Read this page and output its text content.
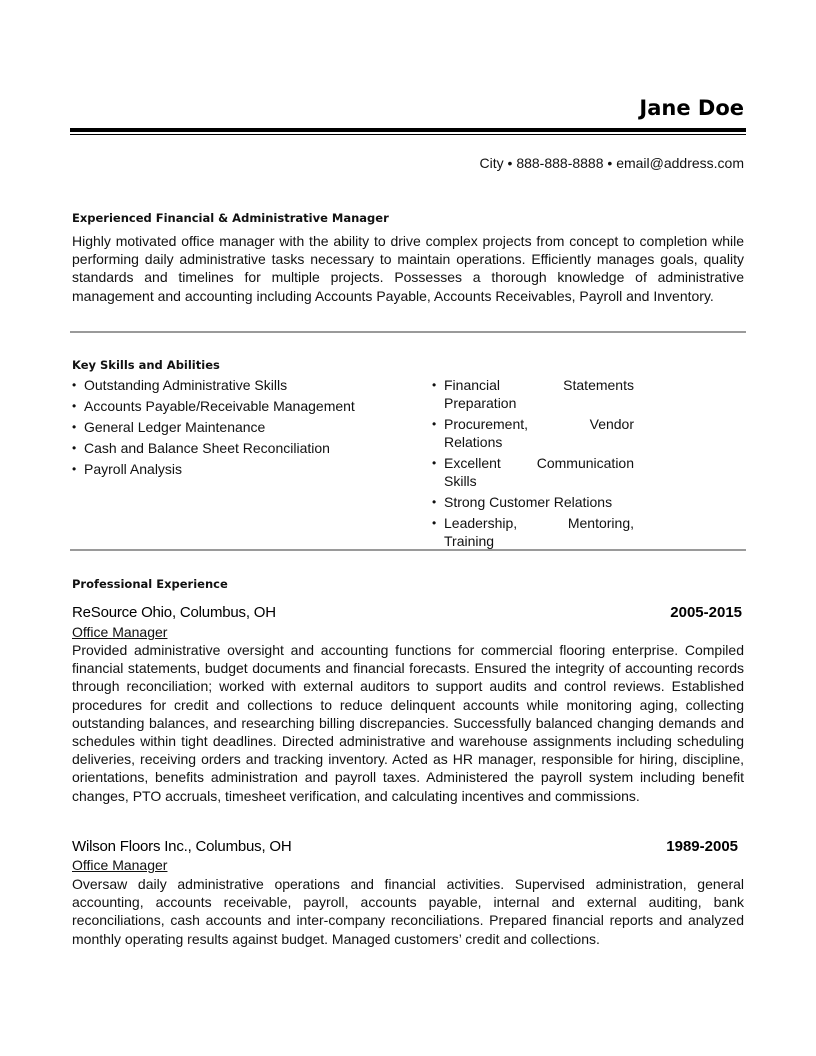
Jane Doe
City • 888-888-8888 • email@address.com
Experienced Financial & Administrative Manager

Highly motivated office manager with the ability to drive complex projects from concept to completion while performing daily administrative tasks necessary to maintain operations. Efficiently manages goals, quality standards and timelines for multiple projects. Possesses a thorough knowledge of administrative management and accounting including Accounts Payable, Accounts Receivables, Payroll and Inventory.

Key Skills and Abilities
• Outstanding Administrative Skills
• Accounts Payable/Receivable Management
• General Ledger Maintenance
• Cash and Balance Sheet Reconciliation
• Payroll Analysis
• Financial	Statements
Preparation
• Procurement,	Vendor
Relations
• Excellent	Communication
Skills
• Strong Customer Relations
• Leadership,	Mentoring,
Training
Professional Experience
ReSource Ohio, Columbus, OH	2005-2015
Office Manager

Provided administrative oversight and accounting functions for commercial flooring enterprise. Compiled financial statements, budget documents and financial forecasts. Ensured the integrity of accounting records through reconciliation; worked with external auditors to support audits and control reviews. Established procedures for credit and collections to reduce delinquent accounts while monitoring aging, collecting outstanding balances, and researching billing discrepancies. Successfully balanced changing demands and schedules within tight deadlines. Directed administrative and warehouse assignments including scheduling deliveries, receiving orders and tracking inventory. Acted as HR manager, responsible for hiring, discipline, orientations, benefits administration and payroll taxes. Administered the payroll system including benefit changes, PTO accruals, timesheet verification, and calculating incentives and commissions.

Wilson Floors Inc., Columbus, OH	1989-2005
Office Manager

Oversaw daily administrative operations and financial activities. Supervised administration, general accounting, accounts receivable, payroll, accounts payable, internal and external auditing, bank reconciliations, cash accounts and inter-company reconciliations. Prepared financial reports and analyzed monthly operating results against budget. Managed customers’ credit and collections.
